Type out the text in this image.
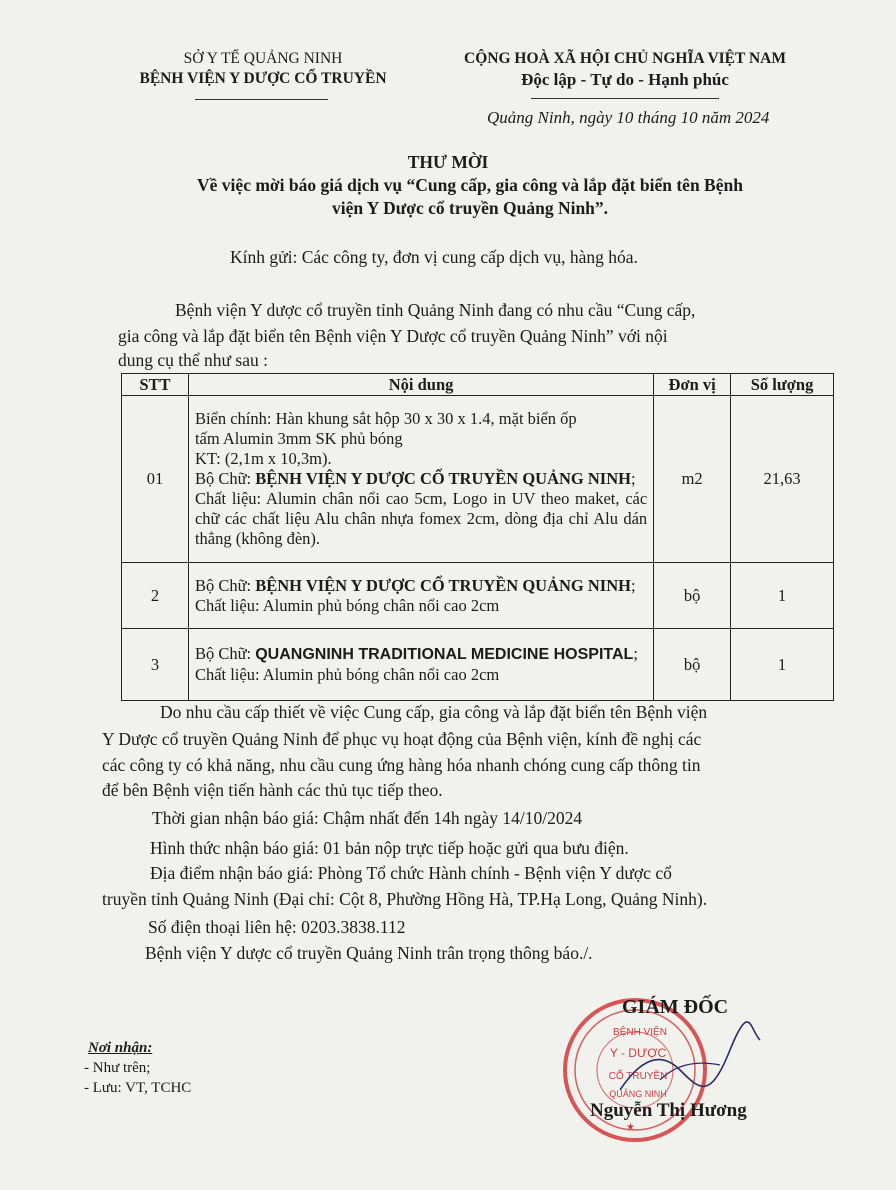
SỞ Y TẾ QUẢNG NINH
BỆNH VIỆN Y DƯỢC CỔ TRUYỀN
CỘNG HOÀ XÃ HỘI CHỦ NGHĨA VIỆT NAM
Độc lập - Tự do - Hạnh phúc
Quảng Ninh, ngày 10 tháng 10 năm 2024
THƯ MỜI
Về việc mời báo giá dịch vụ “Cung cấp, gia công và lắp đặt biển tên Bệnh
viện Y Dược cổ truyền Quảng Ninh”.
Kính gửi: Các công ty, đơn vị cung cấp dịch vụ, hàng hóa.
Bệnh viện Y dược cổ truyền tỉnh Quảng Ninh đang có nhu cầu “Cung cấp,
gia công và lắp đặt biển tên Bệnh viện Y Dược cổ truyền Quảng Ninh” với nội
dung cụ thể như sau :
STT	Nội dung	Đơn vị	Số lượng
01	Biển chính: Hàn khung sắt hộp 30 x 30 x 1.4, mặt biển ốp
tấm Alumin 3mm SK phủ bóng
KT: (2,1m x 10,3m).
Bộ Chữ: BỆNH VIỆN Y DƯỢC CỔ TRUYỀN QUẢNG NINH;
Chất liệu: Alumin chân nổi cao 5cm, Logo in UV theo maket, các chữ các chất liệu Alu chân nhựa fomex 2cm, dòng địa chỉ Alu dán thẳng (không đèn).	m2	21,63
2	Bộ Chữ: BỆNH VIỆN Y DƯỢC CỔ TRUYỀN QUẢNG NINH;
Chất liệu: Alumin phủ bóng chân nổi cao 2cm	bộ	1
3	Bộ Chữ: QUANGNINH TRADITIONAL MEDICINE HOSPITAL;
Chất liệu: Alumin phủ bóng chân nổi cao 2cm	bộ	1
Do nhu cầu cấp thiết về việc Cung cấp, gia công và lắp đặt biển tên Bệnh viện
Y Dược cổ truyền Quảng Ninh để phục vụ hoạt động của Bệnh viện, kính đề nghị các
các công ty có khả năng, nhu cầu cung ứng hàng hóa nhanh chóng cung cấp thông tin
để bên Bệnh viện tiến hành các thủ tục tiếp theo.
Thời gian nhận báo giá: Chậm nhất đến 14h ngày 14/10/2024
Hình thức nhận báo giá: 01 bản nộp trực tiếp hoặc gửi qua bưu điện.
Địa điểm nhận báo giá: Phòng Tổ chức Hành chính - Bệnh viện Y dược cổ
truyền tỉnh Quảng Ninh (Đại chỉ: Cột 8, Phường Hồng Hà, TP.Hạ Long, Quảng Ninh).
Số điện thoại liên hệ: 0203.3838.112
Bệnh viện Y dược cổ truyền Quảng Ninh trân trọng thông báo./.
Nơi nhận:
- Như trên;
- Lưu: VT, TCHC
★
BỆNH VIỆN
Y - DƯỢC
CỔ TRUYỀN
QUẢNG NINH
GIÁM ĐỐC
Nguyễn Thị Hương
